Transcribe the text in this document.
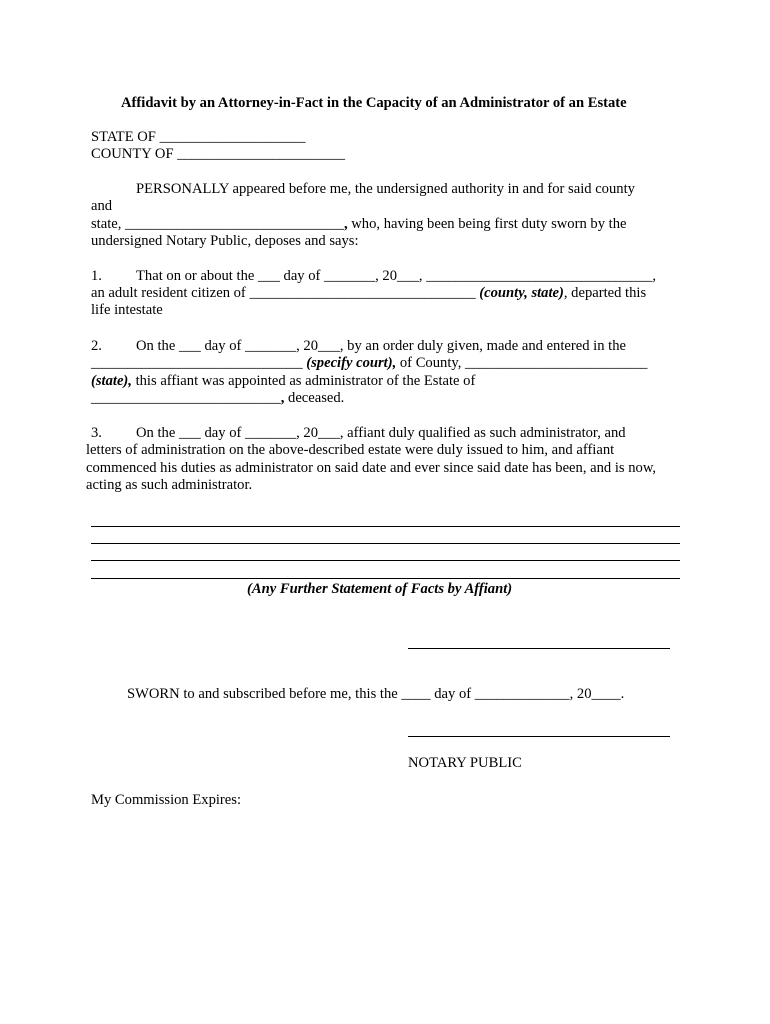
Affidavit by an Attorney-in-Fact in the Capacity of an Administrator of an Estate
STATE OF ____________________
COUNTY OF _______________________
PERSONALLY appeared before me, the undersigned authority in and for said county
and
state, ______________________________, who, having been being first duty sworn by the
undersigned Notary Public, deposes and says:
1. That on or about the ___ day of _______, 20___, _______________________________,
an adult resident citizen of _______________________________ (county, state), departed this
life intestate
2. On the ___ day of _______, 20___, by an order duly given, made and entered in the
_____________________________ (specify court), of County, _________________________
(state), this affiant was appointed as administrator of the Estate of
__________________________, deceased.
3. On the ___ day of _______, 20___, affiant duly qualified as such administrator, and
letters of administration on the above-described estate were duly issued to him, and affiant
commenced his duties as administrator on said date and ever since said date has been, and is now,
acting as such administrator.
(Any Further Statement of Facts by Affiant)
SWORN to and subscribed before me, this the ____ day of _____________, 20____.
NOTARY PUBLIC
My Commission Expires:
